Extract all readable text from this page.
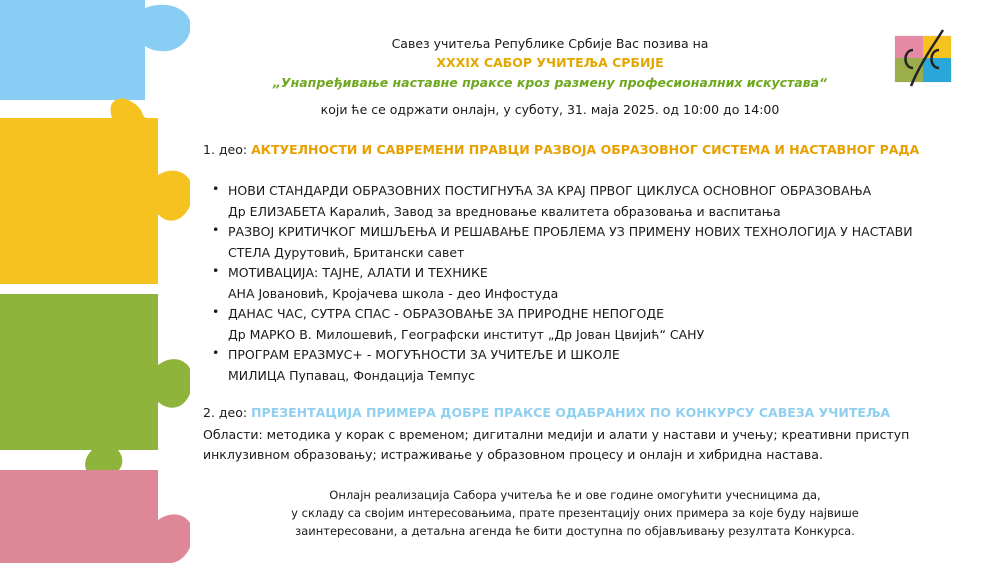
Савез учитеља Републике Србије Вас позива на
XXXIX САБОР УЧИТЕЉА СРБИЈЕ
„Унапређивање наставне праксе кроз размену професионалних искустава“
који ће се одржати онлајн, у суботу, 31. маја 2025. од 10:00 до 14:00
1. део: АКТУЕЛНОСТИ И САВРЕМЕНИ ПРАВЦИ РАЗВОЈА ОБРАЗОВНОГ СИСТЕМА И НАСТАВНОГ РАДА
• НОВИ СТАНДАРДИ ОБРАЗОВНИХ ПОСТИГНУЋА ЗА КРАЈ ПРВОГ ЦИКЛУСА ОСНОВНОГ ОБРАЗОВАЊА
Др ЕЛИЗАБЕТА Каралић, Завод за вредновање квалитета образовања и васпитања
• РАЗВОЈ КРИТИЧКОГ МИШЉЕЊА И РЕШАВАЊЕ ПРОБЛЕМА УЗ ПРИМЕНУ НОВИХ ТЕХНОЛОГИЈА У НАСТАВИ
СТЕЛА Дурутовић, Британски савет
• МОТИВАЦИЈА: ТАЈНЕ, АЛАТИ И ТЕХНИКЕ
АНА Јовановић, Кројачева школа - део Инфостуда
• ДАНАС ЧАС, СУТРА СПАС - ОБРАЗОВАЊЕ ЗА ПРИРОДНЕ НЕПОГОДЕ
Др МАРКО В. Милошевић, Географски институт „Др Јован Цвијић“ САНУ
• ПРОГРАМ ЕРАЗМУС+ - МОГУЋНОСТИ ЗА УЧИТЕЉЕ И ШКОЛЕ
МИЛИЦА Пупавац, Фондација Темпус
2. део: ПРЕЗЕНТАЦИЈА ПРИМЕРА ДОБРЕ ПРАКСЕ ОДАБРАНИХ ПО КОНКУРСУ САВЕЗА УЧИТЕЉА
Области: методика у корак с временом; дигитални медији и алати у настави и учењу; креативни приступ инклузивном образовању; истраживање у образовном процесу и онлајн и хибридна настава.
Онлајн реализација Сабора учитеља ће и ове године омогућити учесницима да,
у складу са својим интересовањима, прате презентацију оних примера за које буду највише
заинтересовани, а детаљна агенда ће бити доступна по објављивању резултата Конкурса.
